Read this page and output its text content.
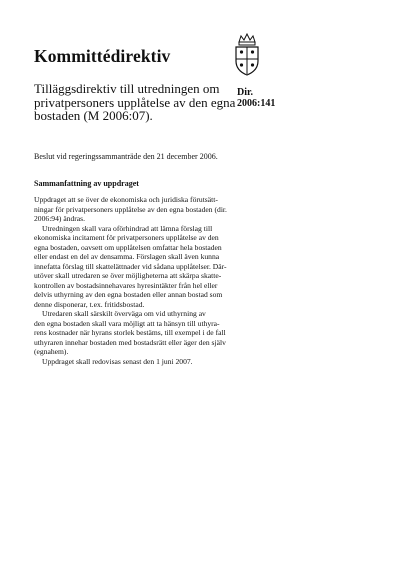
Kommittédirektiv
Tilläggsdirektiv till utredningen om
privatpersoners upplåtelse av den egna
bostaden (M 2006:07).
Dir.
2006:141
Beslut vid regeringssammanträde den 21 december 2006.
Sammanfattning av uppdraget
Uppdraget att se över de ekonomiska och juridiska förutsätt-
ningar för privatpersoners upplåtelse av den egna bostaden (dir.
2006:94) ändras.
Utredningen skall vara oförhindrad att lämna förslag till
ekonomiska incitament för privatpersoners upplåtelse av den
egna bostaden, oavsett om upplåtelsen omfattar hela bostaden
eller endast en del av densamma. Förslagen skall även kunna
innefatta förslag till skattelättnader vid sådana upplåtelser. Där-
utöver skall utredaren se över möjligheterna att skärpa skatte-
kontrollen av bostadsinnehavares hyresintäkter från hel eller
delvis uthyrning av den egna bostaden eller annan bostad som
denne disponerar, t.ex. fritidsbostad.
Utredaren skall särskilt överväga om vid uthyrning av
den egna bostaden skall vara möjligt att ta hänsyn till uthyra-
rens kostnader när hyrans storlek bestäms, till exempel i de fall
uthyraren innehar bostaden med bostadsrätt eller äger den själv
(egnahem).
Uppdraget skall redovisas senast den 1 juni 2007.
